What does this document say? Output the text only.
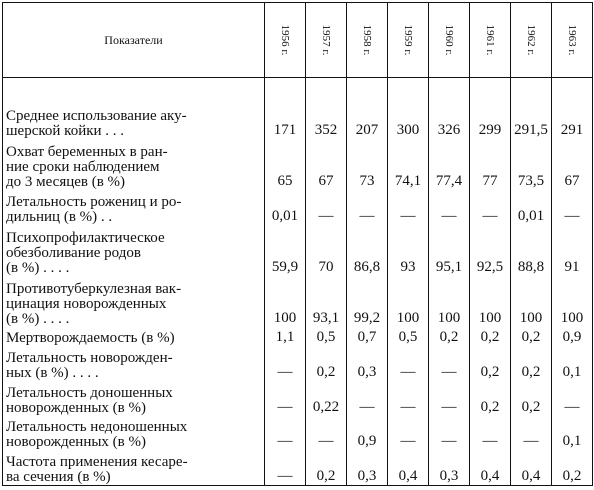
Показатели	1956 г.	1957 г.	1958 г.	1959 г.	1960 г.	1961 г.	1962 г.	1963 г.

Среднее использование аку-
шерской койки . . .	171	352	207	300	326	299	291,5	291

Охват беременных в ран-
ние сроки наблюдением
до 3 месяцев (в %)	65	67	73	74,1	77,4	77	73,5	67

Летальность рожениц и ро-
дильниц (в %) . .	0,01	—	—	—	—	—	0,01	—

Психопрофилактическое
обезболивание родов
(в %) . . . .	59,9	70	86,8	93	95,1	92,5	88,8	91

Противотуберкулезная вак-
цинация новорожденных
(в %) . . . .	100	93,1	99,2	100	100	100	100	100

Мертворождаемость (в %)	1,1	0,5	0,7	0,5	0,2	0,2	0,2	0,9

Летальность новорожден-
ных (в %) . . . .	—	0,2	0,3	—	—	0,2	0,2	0,1

Летальность доношенных
новорожденных (в %)	—	0,22	—	—	—	0,2	0,2	—

Летальность недоношенных
новорожденных (в %)	—	—	0,9	—	—	—	—	0,1

Частота применения кесаре-
ва сечения (в %)	—	0,2	0,3	0,4	0,3	0,4	0,4	0,2
